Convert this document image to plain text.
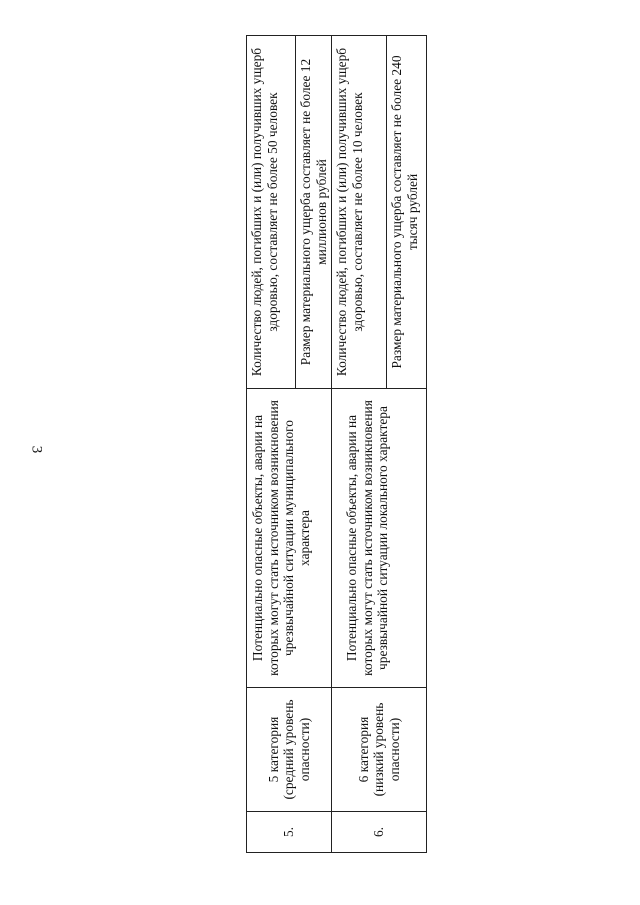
3
5.	5 категория (средний уровень опасности)	Потенциально опасные объекты, аварии на которых могут стать источником возникновения чрезвычайной ситуации муниципального характера	Количество людей, погибших и (или) получивших ущерб здоровью, составляет не более 50 человек
			Размер материального ущерба составляет не более 12 миллионов рублей
6.	6 категория (низкий уровень опасности)	Потенциально опасные объекты, аварии на которых могут стать источником возникновения чрезвычайной ситуации локального характера	Количество людей, погибших и (или) получивших ущерб здоровью, составляет не более 10 человек
			Размер материального ущерба составляет не более 240 тысяч рублей
